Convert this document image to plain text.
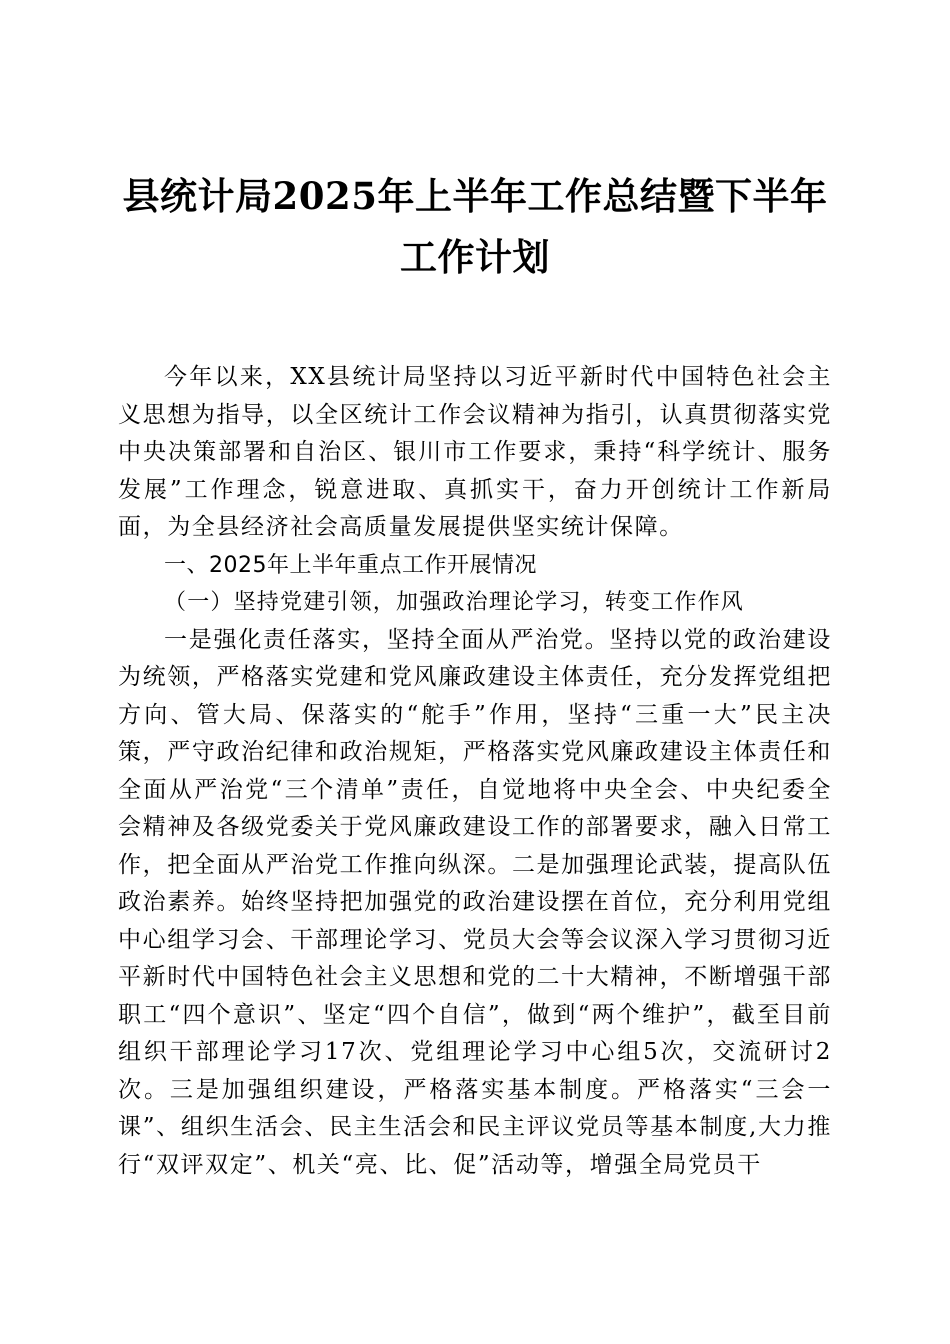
县统计局2025年上半年工作总结暨下半年工作计划

今年以来，XX县统计局坚持以习近平新时代中国特色社会主义思想为指导，以全区统计工作会议精神为指引，认真贯彻落实党中央决策部署和自治区、银川市工作要求，秉持“科学统计、服务发展”工作理念，锐意进取、真抓实干，奋力开创统计工作新局面，为全县经济社会高质量发展提供坚实统计保障。

一、2025年上半年重点工作开展情况

（一）坚持党建引领，加强政治理论学习，转变工作作风

一是强化责任落实，坚持全面从严治党。坚持以党的政治建设为统领，严格落实党建和党风廉政建设主体责任，充分发挥党组把方向、管大局、保落实的“舵手”作用，坚持“三重一大”民主决策，严守政治纪律和政治规矩，严格落实党风廉政建设主体责任和全面从严治党“三个清单”责任，自觉地将中央全会、中央纪委全会精神及各级党委关于党风廉政建设工作的部署要求，融入日常工作，把全面从严治党工作推向纵深。二是加强理论武装，提高队伍政治素养。始终坚持把加强党的政治建设摆在首位，充分利用党组中心组学习会、干部理论学习、党员大会等会议深入学习贯彻习近平新时代中国特色社会主义思想和党的二十大精神，不断增强干部职工“四个意识”、坚定“四个自信”，做到“两个维护”，截至目前组织干部理论学习17次、党组理论学习中心组5次，交流研讨2次。三是加强组织建设，严格落实基本制度。严格落实“三会一课”、组织生活会、民主生活会和民主评议党员等基本制度,大力推行“双评双定”、机关“亮、比、促”活动等，增强全局党员干
